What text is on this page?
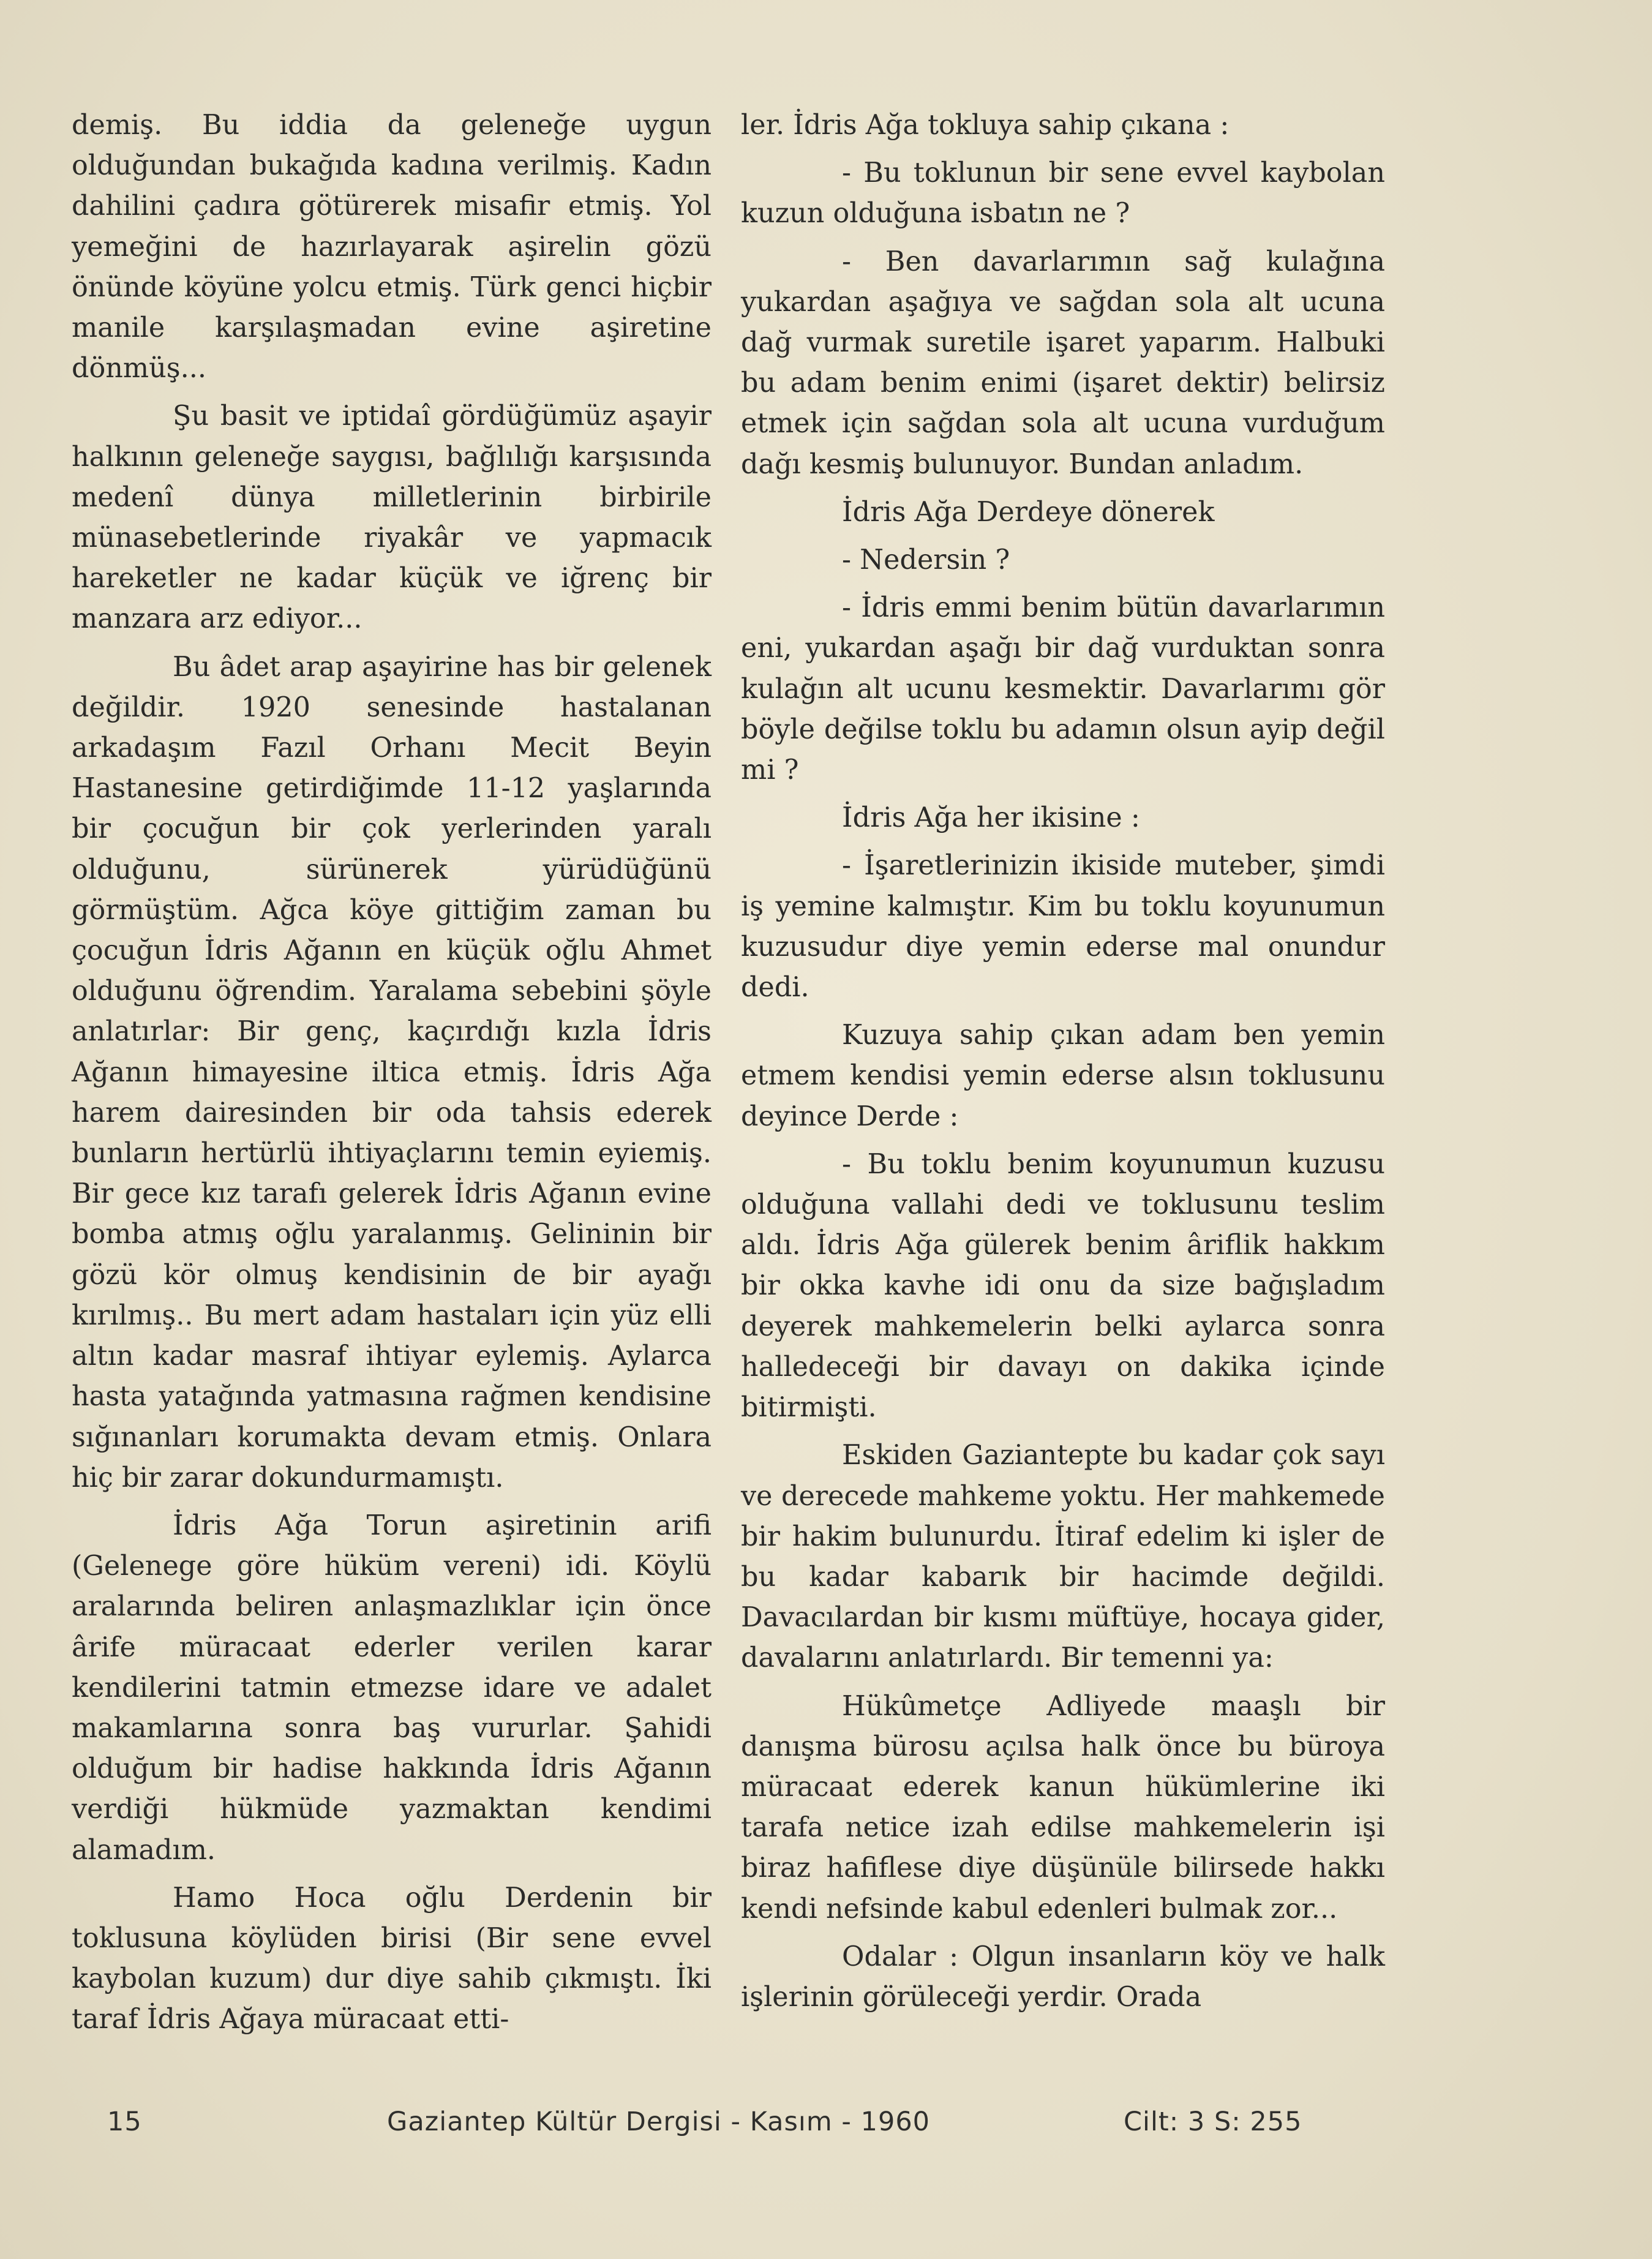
demiş. Bu iddia da geleneğe uygun olduğundan bukağıda kadına verilmiş. Kadın dahilini çadıra götürerek misafir etmiş. Yol yemeğini de hazırlayarak aşirelin gözü önünde köyüne yolcu etmiş. Türk genci hiçbir manile karşılaşmadan evine aşiretine dönmüş...

Şu basit ve iptidaî gördüğümüz aşayir halkının geleneğe saygısı, bağlılığı karşısında medenî dünya milletlerinin birbirile münasebetlerinde riyakâr ve yapmacık hareketler ne kadar küçük ve iğrenç bir manzara arz ediyor...

Bu âdet arap aşayirine has bir gelenek değildir. 1920 senesinde hastalanan arkadaşım Fazıl Orhanı Mecit Beyin Hastanesine getirdiğimde 11-12 yaşlarında bir çocuğun bir çok yerlerinden yaralı olduğunu, sürünerek yürüdüğünü görmüştüm. Ağca köye gittiğim zaman bu çocuğun İdris Ağanın en küçük oğlu Ahmet olduğunu öğrendim. Yaralama sebebini şöyle anlatırlar: Bir genç, kaçırdığı kızla İdris Ağanın himayesine iltica etmiş. İdris Ağa harem dairesinden bir oda tahsis ederek bunların hertürlü ihtiyaçlarını temin eyiemiş. Bir gece kız tarafı gelerek İdris Ağanın evine bomba atmış oğlu yaralanmış. Gelininin bir gözü kör olmuş kendisinin de bir ayağı kırılmış.. Bu mert adam hastaları için yüz elli altın kadar masraf ihtiyar eylemiş. Aylarca hasta yatağında yatmasına rağmen kendisine sığınanları korumakta devam etmiş. Onlara hiç bir zarar dokundurmamıştı.

İdris Ağa Torun aşiretinin arifi (Gelenege göre hüküm vereni) idi. Köylü aralarında beliren anlaşmazlıklar için önce ârife müracaat ederler verilen karar kendilerini tatmin etmezse idare ve adalet makamlarına sonra baş vururlar. Şahidi olduğum bir hadise hakkında İdris Ağanın verdiği hükmüde yazmaktan kendimi alamadım.

Hamo Hoca oğlu Derdenin bir toklusuna köylüden birisi (Bir sene evvel kaybolan kuzum) dur diye sahib çıkmıştı. İki taraf İdris Ağaya müracaat etti-

ler. İdris Ağa tokluya sahip çıkana :

- Bu toklunun bir sene evvel kaybolan kuzun olduğuna isbatın ne ?

- Ben davarlarımın sağ kulağına yukardan aşağıya ve sağdan sola alt ucuna dağ vurmak suretile işaret yaparım. Halbuki bu adam benim enimi (işaret dektir) belirsiz etmek için sağdan sola alt ucuna vurduğum dağı kesmiş bulunuyor. Bundan anladım.

İdris Ağa Derdeye dönerek

- Nedersin ?

- İdris emmi benim bütün davarlarımın eni, yukardan aşağı bir dağ vurduktan sonra kulağın alt ucunu kesmektir. Davarlarımı gör böyle değilse toklu bu adamın olsun ayip değil mi ?

İdris Ağa her ikisine :

- İşaretlerinizin ikiside muteber, şimdi iş yemine kalmıştır. Kim bu toklu koyunumun kuzusudur diye yemin ederse mal onundur dedi.

Kuzuya sahip çıkan adam ben yemin etmem kendisi yemin ederse alsın toklusunu deyince Derde :

- Bu toklu benim koyunumun kuzusu olduğuna vallahi dedi ve toklusunu teslim aldı. İdris Ağa gülerek benim âriflik hakkım bir okka kavhe idi onu da size bağışladım deyerek mahkemelerin belki aylarca sonra halledeceği bir davayı on dakika içinde bitirmişti.

Eskiden Gaziantepte bu kadar çok sayı ve derecede mahkeme yoktu. Her mahkemede bir hakim bulunurdu. İtiraf edelim ki işler de bu kadar kabarık bir hacimde değildi. Davacılardan bir kısmı müftüye, hocaya gider, davalarını anlatırlardı. Bir temenni ya:

Hükûmetçe Adliyede maaşlı bir danışma bürosu açılsa halk önce bu büroya müracaat ederek kanun hükümlerine iki tarafa netice izah edilse mahkemelerin işi biraz hafiflese diye düşünüle bilirsede hakkı kendi nefsinde kabul edenleri bulmak zor...

Odalar : Olgun insanların köy ve halk işlerinin görüleceği yerdir. Orada

15	Gaziantep Kültür Dergisi - Kasım - 1960	Cilt: 3 S: 255
